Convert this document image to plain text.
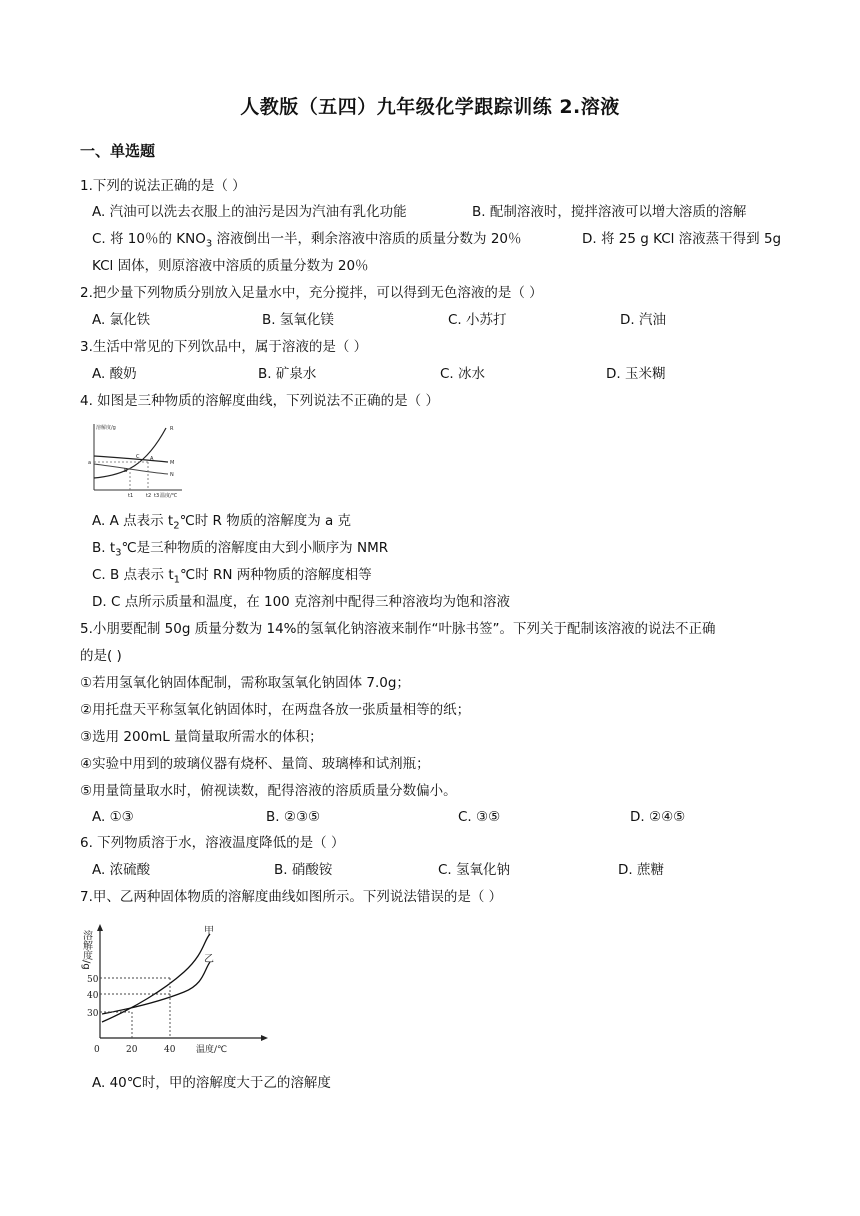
人教版（五四）九年级化学跟踪训练 2.溶液
一、单选题
1.下列的说法正确的是（ ）
A. 汽油可以洗去衣服上的油污是因为汽油有乳化功能	B. 配制溶液时，搅拌溶液可以增大溶质的溶解
C. 将 10％的 $KNO_3$ 溶液倒出一半，剩余溶液中溶质的质量分数为 20％	D. 将 25 g KCl 溶液蒸干得到 5g
KCl 固体，则原溶液中溶质的质量分数为 20％
2.把少量下列物质分别放入足量水中，充分搅拌，可以得到无色溶液的是（ ）
A. 氯化铁	B. 氢氧化镁	C. 小苏打	D. 汽油
3.生活中常见的下列饮品中，属于溶液的是（ ）
A. 酸奶	B. 矿泉水	C. 冰水	D. 玉米糊
4. 如图是三种物质的溶解度曲线，下列说法不正确的是（ ）
溶解度/g	R
M
N
A
B
C
a
t1	t2 t3 温度/℃
A. A 点表示 $t_2℃$时 R 物质的溶解度为 a 克
B. $t_3℃$是三种物质的溶解度由大到小顺序为 NMR
C. B 点表示 $t_1℃$时 RN 两种物质的溶解度相等
D. C 点所示质量和温度，在 100 克溶剂中配得三种溶液均为饱和溶液
5.小朋要配制 50g 质量分数为 14%的氢氧化钠溶液来制作“叶脉书签”。下列关于配制该溶液的说法不正确
的是( )
①若用氢氧化钠固体配制，需称取氢氧化钠固体 7.0g；
②用托盘天平称氢氧化钠固体时，在两盘各放一张质量相等的纸；
③选用 200mL 量筒量取所需水的体积；
④实验中用到的玻璃仪器有烧杯、量筒、玻璃棒和试剂瓶；
⑤用量筒量取水时，俯视读数，配得溶液的溶质质量分数偏小。
A. ①③	B. ②③⑤	C. ③⑤	D. ②④⑤
6. 下列物质溶于水，溶液温度降低的是（ ）
A. 浓硫酸	B. 硝酸铵	C. 氢氧化钠	D. 蔗糖
7.甲、乙两种固体物质的溶解度曲线如图所示。下列说法错误的是（ ）
溶解度/g	甲
乙
50
40
30
0	20	40 温度/℃
A. 40℃时，甲的溶解度大于乙的溶解度
